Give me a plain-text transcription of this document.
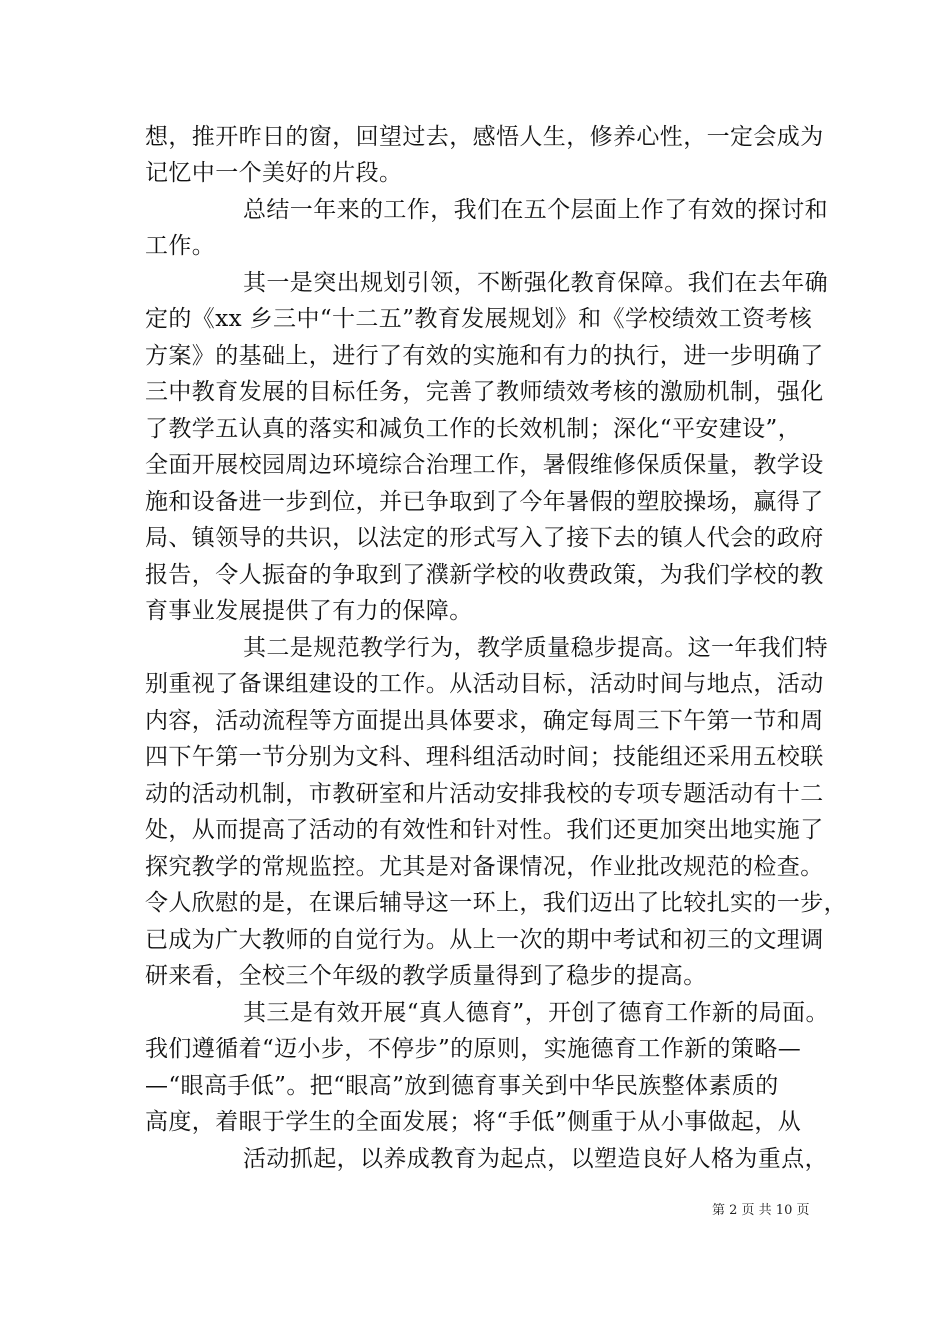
想，推开昨日的窗，回望过去，感悟人生，修养心性，一定会成为
记忆中一个美好的片段。
总结一年来的工作，我们在五个层面上作了有效的探讨和
工作。
其一是突出规划引领，不断强化教育保障。我们在去年确
定的《xx 乡三中“十二五”教育发展规划》和《学校绩效工资考核
方案》的基础上，进行了有效的实施和有力的执行，进一步明确了
三中教育发展的目标任务，完善了教师绩效考核的激励机制，强化
了教学五认真的落实和减负工作的长效机制；深化“平安建设”，
全面开展校园周边环境综合治理工作，暑假维修保质保量，教学设
施和设备进一步到位，并已争取到了今年暑假的塑胶操场，赢得了
局、镇领导的共识，以法定的形式写入了接下去的镇人代会的政府
报告，令人振奋的争取到了濮新学校的收费政策，为我们学校的教
育事业发展提供了有力的保障。
其二是规范教学行为，教学质量稳步提高。这一年我们特
别重视了备课组建设的工作。从活动目标，活动时间与地点，活动
内容，活动流程等方面提出具体要求，确定每周三下午第一节和周
四下午第一节分别为文科、理科组活动时间；技能组还采用五校联
动的活动机制，市教研室和片活动安排我校的专项专题活动有十二
处，从而提高了活动的有效性和针对性。我们还更加突出地实施了
探究教学的常规监控。尤其是对备课情况，作业批改规范的检查。
令人欣慰的是，在课后辅导这一环上，我们迈出了比较扎实的一步，
已成为广大教师的自觉行为。从上一次的期中考试和初三的文理调
研来看，全校三个年级的教学质量得到了稳步的提高。
其三是有效开展“真人德育”，开创了德育工作新的局面。
我们遵循着“迈小步，不停步”的原则，实施德育工作新的策略—
—“眼高手低”。把“眼高”放到德育事关到中华民族整体素质的
高度，着眼于学生的全面发展；将“手低”侧重于从小事做起，从
活动抓起，以养成教育为起点，以塑造良好人格为重点，
第 2 页 共 10 页
